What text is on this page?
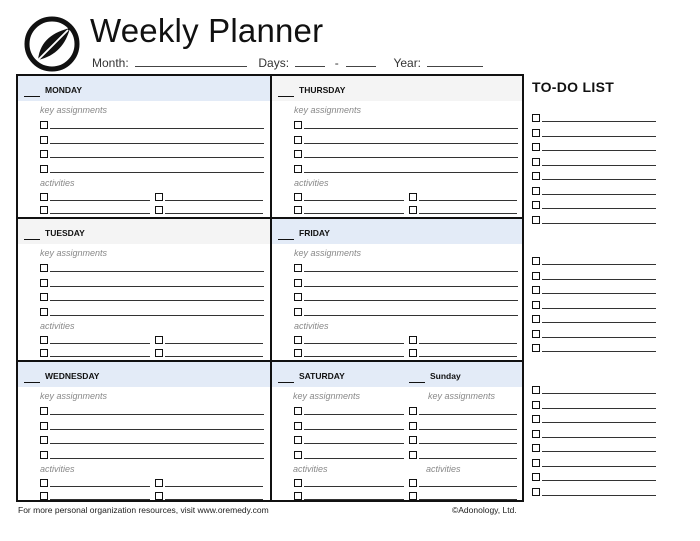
Weekly Planner
Month:	Days:	-	Year:
MONDAY
key assignments
activities
TUESDAY
key assignments
activities
WEDNESDAY
key assignments
activities
THURSDAY
key assignments
activities
FRIDAY
key assignments
activities
SATURDAY	Sunday
key assignments	key assignments
activities	activities
TO-DO LIST
For more personal organization resources, visit www.oremedy.com	©Adonology, Ltd.
